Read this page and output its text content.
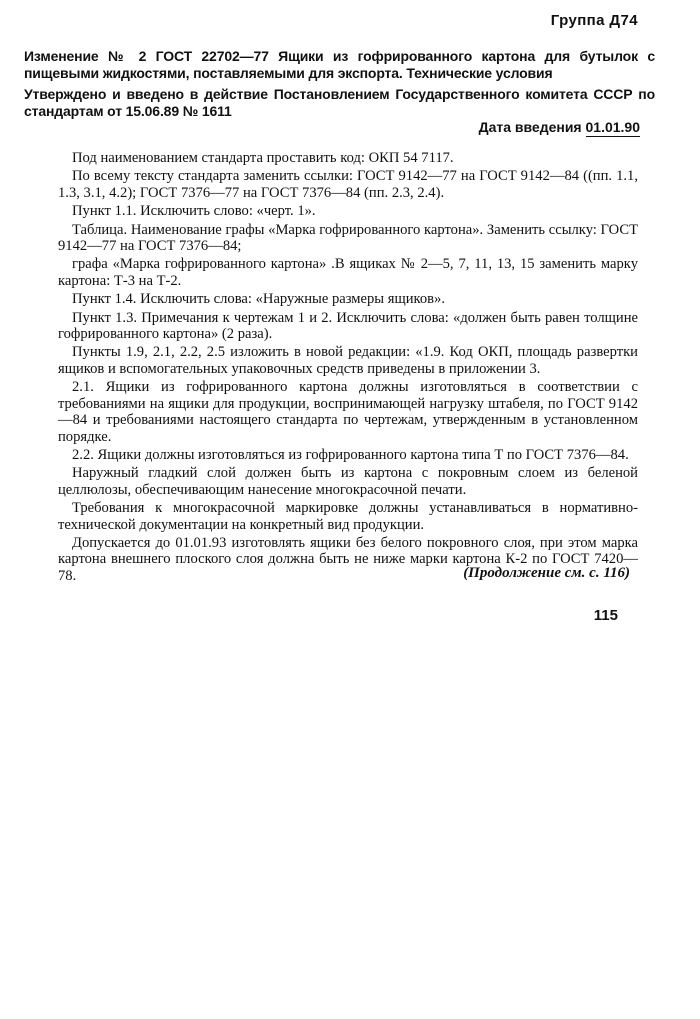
Группа Д74

Изменение № 2 ГОСТ 22702—77 Ящики из гофрированного картона для бутылок с пищевыми жидкостями, поставляемыми для экспорта. Технические условия

Утверждено и введено в действие Постановлением Государственного комитета СССР по стандартам от 15.06.89 № 1611

Дата введения 01.01.90

Под наименованием стандарта проставить код: ОКП 54 7117.

По всему тексту стандарта заменить ссылки: ГОСТ 9142—77 на ГОСТ 9142—84 ((пп. 1.1, 1.3, 3.1, 4.2); ГОСТ 7376—77 на ГОСТ 7376—84 (пп. 2.3, 2.4).

Пункт 1.1. Исключить слово: «черт. 1».

Таблица. Наименование графы «Марка гофрированного картона». Заменить ссылку: ГОСТ 9142—77 на ГОСТ 7376—84;

графа «Марка гофрированного картона» .В ящиках № 2—5, 7, 11, 13, 15 заменить марку картона: Т-3 на Т-2.

Пункт 1.4. Исключить слова: «Наружные размеры ящиков».

Пункт 1.3. Примечания к чертежам 1 и 2. Исключить слова: «должен быть равен толщине гофрированного картона» (2 раза).

Пункты 1.9, 2.1, 2.2, 2.5 изложить в новой редакции: «1.9. Код ОКП, площадь развертки ящиков и вспомогательных упаковочных средств приведены в приложении 3.

2.1. Ящики из гофрированного картона должны изготовляться в соответствии с требованиями на ящики для продукции, воспринимающей нагрузку штабеля, по ГОСТ 9142—84 и требованиями настоящего стандарта по чертежам, утвержденным в установленном порядке.

2.2. Ящики должны изготовляться из гофрированного картона типа Т по ГОСТ 7376—84.

Наружный гладкий слой должен быть из картона с покровным слоем из беленой целлюлозы, обеспечивающим нанесение многокрасочной печати.

Требования к многокрасочной маркировке должны устанавливаться в нормативно-технической документации на конкретный вид продукции.

Допускается до 01.01.93 изготовлять ящики без белого покровного слоя, при этом марка картона внешнего плоского слоя должна быть не ниже марки картона К-2 по ГОСТ 7420—78.	(Продолжение см. с. 116)
115
